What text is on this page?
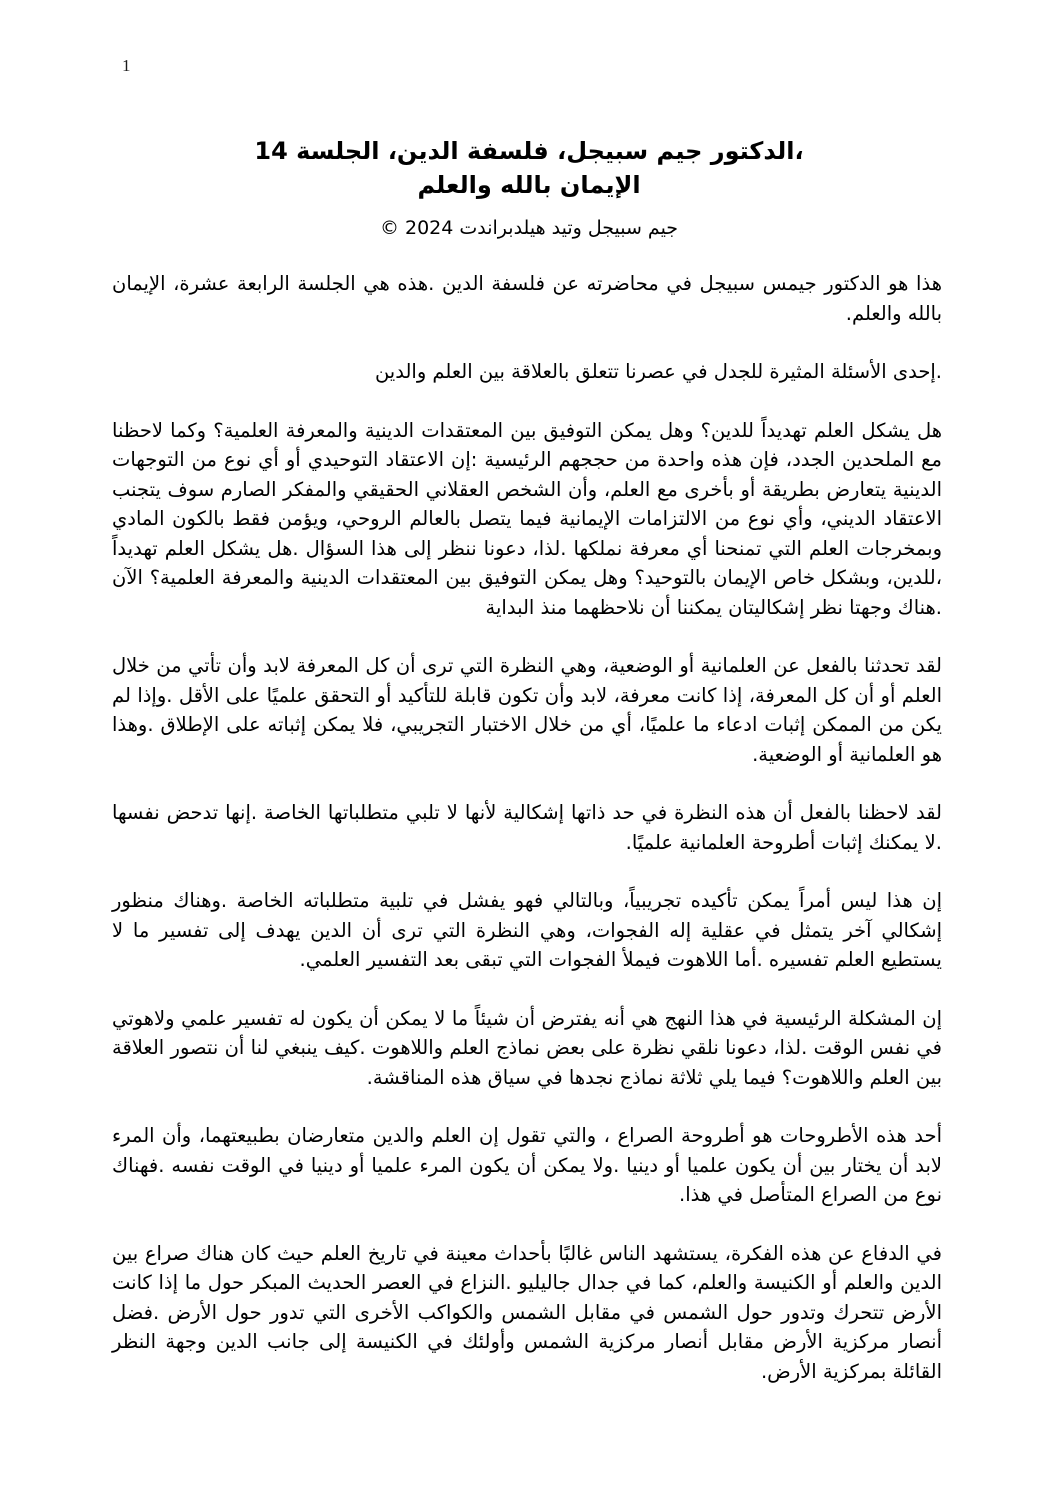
1
،الدكتور جيم سبيجل، فلسفة الدين، الجلسة 14
الإيمان بالله والعلم
جيم سبيجل وتيد هيلدبراندت 2024 ©

هذا هو الدكتور جيمس سبيجل في محاضرته عن فلسفة الدين .هذه هي الجلسة الرابعة عشرة، الإيمان بالله والعلم.

.إحدى الأسئلة المثيرة للجدل في عصرنا تتعلق بالعلاقة بين العلم والدين

هل يشكل العلم تهديداً للدين؟ وهل يمكن التوفيق بين المعتقدات الدينية والمعرفة العلمية؟ وكما لاحظنا مع الملحدين الجدد، فإن هذه واحدة من حججهم الرئيسية :إن الاعتقاد التوحيدي أو أي نوع من التوجهات الدينية يتعارض بطريقة أو بأخرى مع العلم، وأن الشخص العقلاني الحقيقي والمفكر الصارم سوف يتجنب الاعتقاد الديني، وأي نوع من الالتزامات الإيمانية فيما يتصل بالعالم الروحي، ويؤمن فقط بالكون المادي وبمخرجات العلم التي تمنحنا أي معرفة نملكها .لذا، دعونا ننظر إلى هذا السؤال .هل يشكل العلم تهديداً ،للدين، وبشكل خاص الإيمان بالتوحيد؟ وهل يمكن التوفيق بين المعتقدات الدينية والمعرفة العلمية؟ الآن .هناك وجهتا نظر إشكاليتان يمكننا أن نلاحظهما منذ البداية

لقد تحدثنا بالفعل عن العلمانية أو الوضعية، وهي النظرة التي ترى أن كل المعرفة لابد وأن تأتي من خلال العلم أو أن كل المعرفة، إذا كانت معرفة، لابد وأن تكون قابلة للتأكيد أو التحقق علميًا على الأقل .وإذا لم يكن من الممكن إثبات ادعاء ما علميًا، أي من خلال الاختبار التجريبي، فلا يمكن إثباته على الإطلاق .وهذا هو العلمانية أو الوضعية.

لقد لاحظنا بالفعل أن هذه النظرة في حد ذاتها إشكالية لأنها لا تلبي متطلباتها الخاصة .إنها تدحض نفسها .لا يمكنك إثبات أطروحة العلمانية علميًا.

إن هذا ليس أمراً يمكن تأكيده تجريبياً، وبالتالي فهو يفشل في تلبية متطلباته الخاصة .وهناك منظور إشكالي آخر يتمثل في عقلية إله الفجوات، وهي النظرة التي ترى أن الدين يهدف إلى تفسير ما لا يستطيع العلم تفسيره .أما اللاهوت فيملأ الفجوات التي تبقى بعد التفسير العلمي.

إن المشكلة الرئيسية في هذا النهج هي أنه يفترض أن شيئاً ما لا يمكن أن يكون له تفسير علمي ولاهوتي في نفس الوقت .لذا، دعونا نلقي نظرة على بعض نماذج العلم واللاهوت .كيف ينبغي لنا أن نتصور العلاقة بين العلم واللاهوت؟ فيما يلي ثلاثة نماذج نجدها في سياق هذه المناقشة.

أحد هذه الأطروحات هو أطروحة الصراع ، والتي تقول إن العلم والدين متعارضان بطبيعتهما، وأن المرء لابد أن يختار بين أن يكون علميا أو دينيا .ولا يمكن أن يكون المرء علميا أو دينيا في الوقت نفسه .فهناك نوع من الصراع المتأصل في هذا.

في الدفاع عن هذه الفكرة، يستشهد الناس غالبًا بأحداث معينة في تاريخ العلم حيث كان هناك صراع بين الدين والعلم أو الكنيسة والعلم، كما في جدال جاليليو .النزاع في العصر الحديث المبكر حول ما إذا كانت الأرض تتحرك وتدور حول الشمس في مقابل الشمس والكواكب الأخرى التي تدور حول الأرض .فضل أنصار مركزية الأرض مقابل أنصار مركزية الشمس وأولئك في الكنيسة إلى جانب الدين وجهة النظر القائلة بمركزية الأرض.
